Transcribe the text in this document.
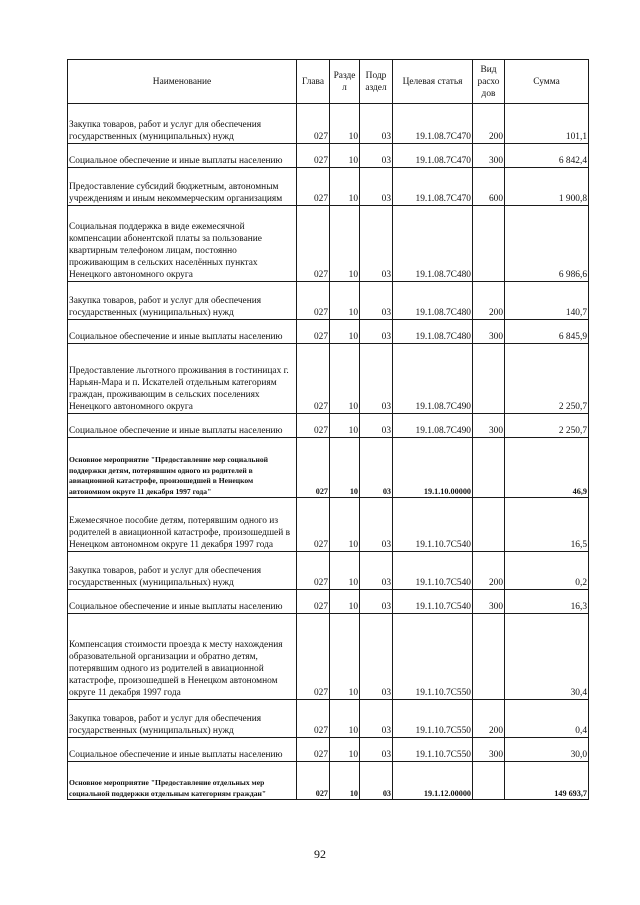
Наименование	Глава	Разде л	Подр аздел	Целевая статья	Вид расхо дов	Сумма
Закупка товаров, работ и услуг для обеспечения государственных (муниципальных) нужд	027	10	03	19.1.08.7С470	200	101,1
Социальное обеспечение и иные выплаты населению	027	10	03	19.1.08.7С470	300	6 842,4
Предоставление субсидий бюджетным, автономным учреждениям и иным некоммерческим организациям	027	10	03	19.1.08.7С470	600	1 900,8
Социальная поддержка в виде ежемесячной компенсации абонентской платы за пользование квартирным телефоном лицам, постоянно проживающим в сельских населённых пунктах Ненецкого автономного округа	027	10	03	19.1.08.7С480		6 986,6
Закупка товаров, работ и услуг для обеспечения государственных (муниципальных) нужд	027	10	03	19.1.08.7С480	200	140,7
Социальное обеспечение и иные выплаты населению	027	10	03	19.1.08.7С480	300	6 845,9
Предоставление льготного проживания в гостиницах г. Нарьян-Мара и п. Искателей отдельным категориям граждан, проживающим в сельских поселениях Ненецкого автономного округа	027	10	03	19.1.08.7С490		2 250,7
Социальное обеспечение и иные выплаты населению	027	10	03	19.1.08.7С490	300	2 250,7
Основное мероприятие "Предоставление мер социальной поддержки детям, потерявшим одного из родителей в авиационной катастрофе, произошедшей в Ненецком автономном округе 11 декабря 1997 года"	027	10	03	19.1.10.00000		46,9
Ежемесячное пособие детям, потерявшим одного из родителей в авиационной катастрофе, произошедшей в Ненецком автономном округе 11 декабря 1997 года	027	10	03	19.1.10.7С540		16,5
Закупка товаров, работ и услуг для обеспечения государственных (муниципальных) нужд	027	10	03	19.1.10.7С540	200	0,2
Социальное обеспечение и иные выплаты населению	027	10	03	19.1.10.7С540	300	16,3
Компенсация стоимости проезда к месту нахождения образовательной организации и обратно детям, потерявшим одного из родителей в авиационной катастрофе, произошедшей в Ненецком автономном округе 11 декабря 1997 года	027	10	03	19.1.10.7С550		30,4
Закупка товаров, работ и услуг для обеспечения государственных (муниципальных) нужд	027	10	03	19.1.10.7С550	200	0,4
Социальное обеспечение и иные выплаты населению	027	10	03	19.1.10.7С550	300	30,0
Основное мероприятие "Предоставление отдельных мер социальной поддержки отдельным категориям граждан"	027	10	03	19.1.12.00000		149 693,7
92
